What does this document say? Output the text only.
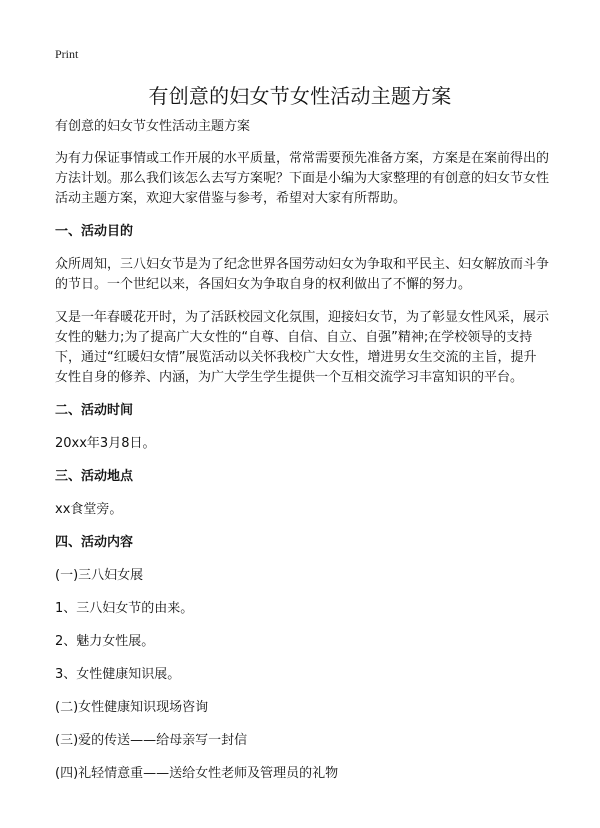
Print
有创意的妇女节女性活动主题方案

有创意的妇女节女性活动主题方案

为有力保证事情或工作开展的水平质量，常常需要预先准备方案，方案是在案前得出的方法计划。那么我们该怎么去写方案呢？下面是小编为大家整理的有创意的妇女节女性活动主题方案，欢迎大家借鉴与参考，希望对大家有所帮助。

一、活动目的

众所周知，三八妇女节是为了纪念世界各国劳动妇女为争取和平民主、妇女解放而斗争的节日。一个世纪以来，各国妇女为争取自身的权利做出了不懈的努力。

又是一年春暖花开时，为了活跃校园文化氛围，迎接妇女节，为了彰显女性风采，展示女性的魅力;为了提高广大女性的“自尊、自信、自立、自强”精神;在学校领导的支持下，通过“红暖妇女情”展览活动以关怀我校广大女性，增进男女生交流的主旨，提升女性自身的修养、内涵，为广大学生学生提供一个互相交流学习丰富知识的平台。

二、活动时间

20xx年3月8日。

三、活动地点

xx食堂旁。

四、活动内容

(一)三八妇女展

1、三八妇女节的由来。

2、魅力女性展。

3、女性健康知识展。

(二)女性健康知识现场咨询

(三)爱的传送——给母亲写一封信

(四)礼轻情意重——送给女性老师及管理员的礼物
